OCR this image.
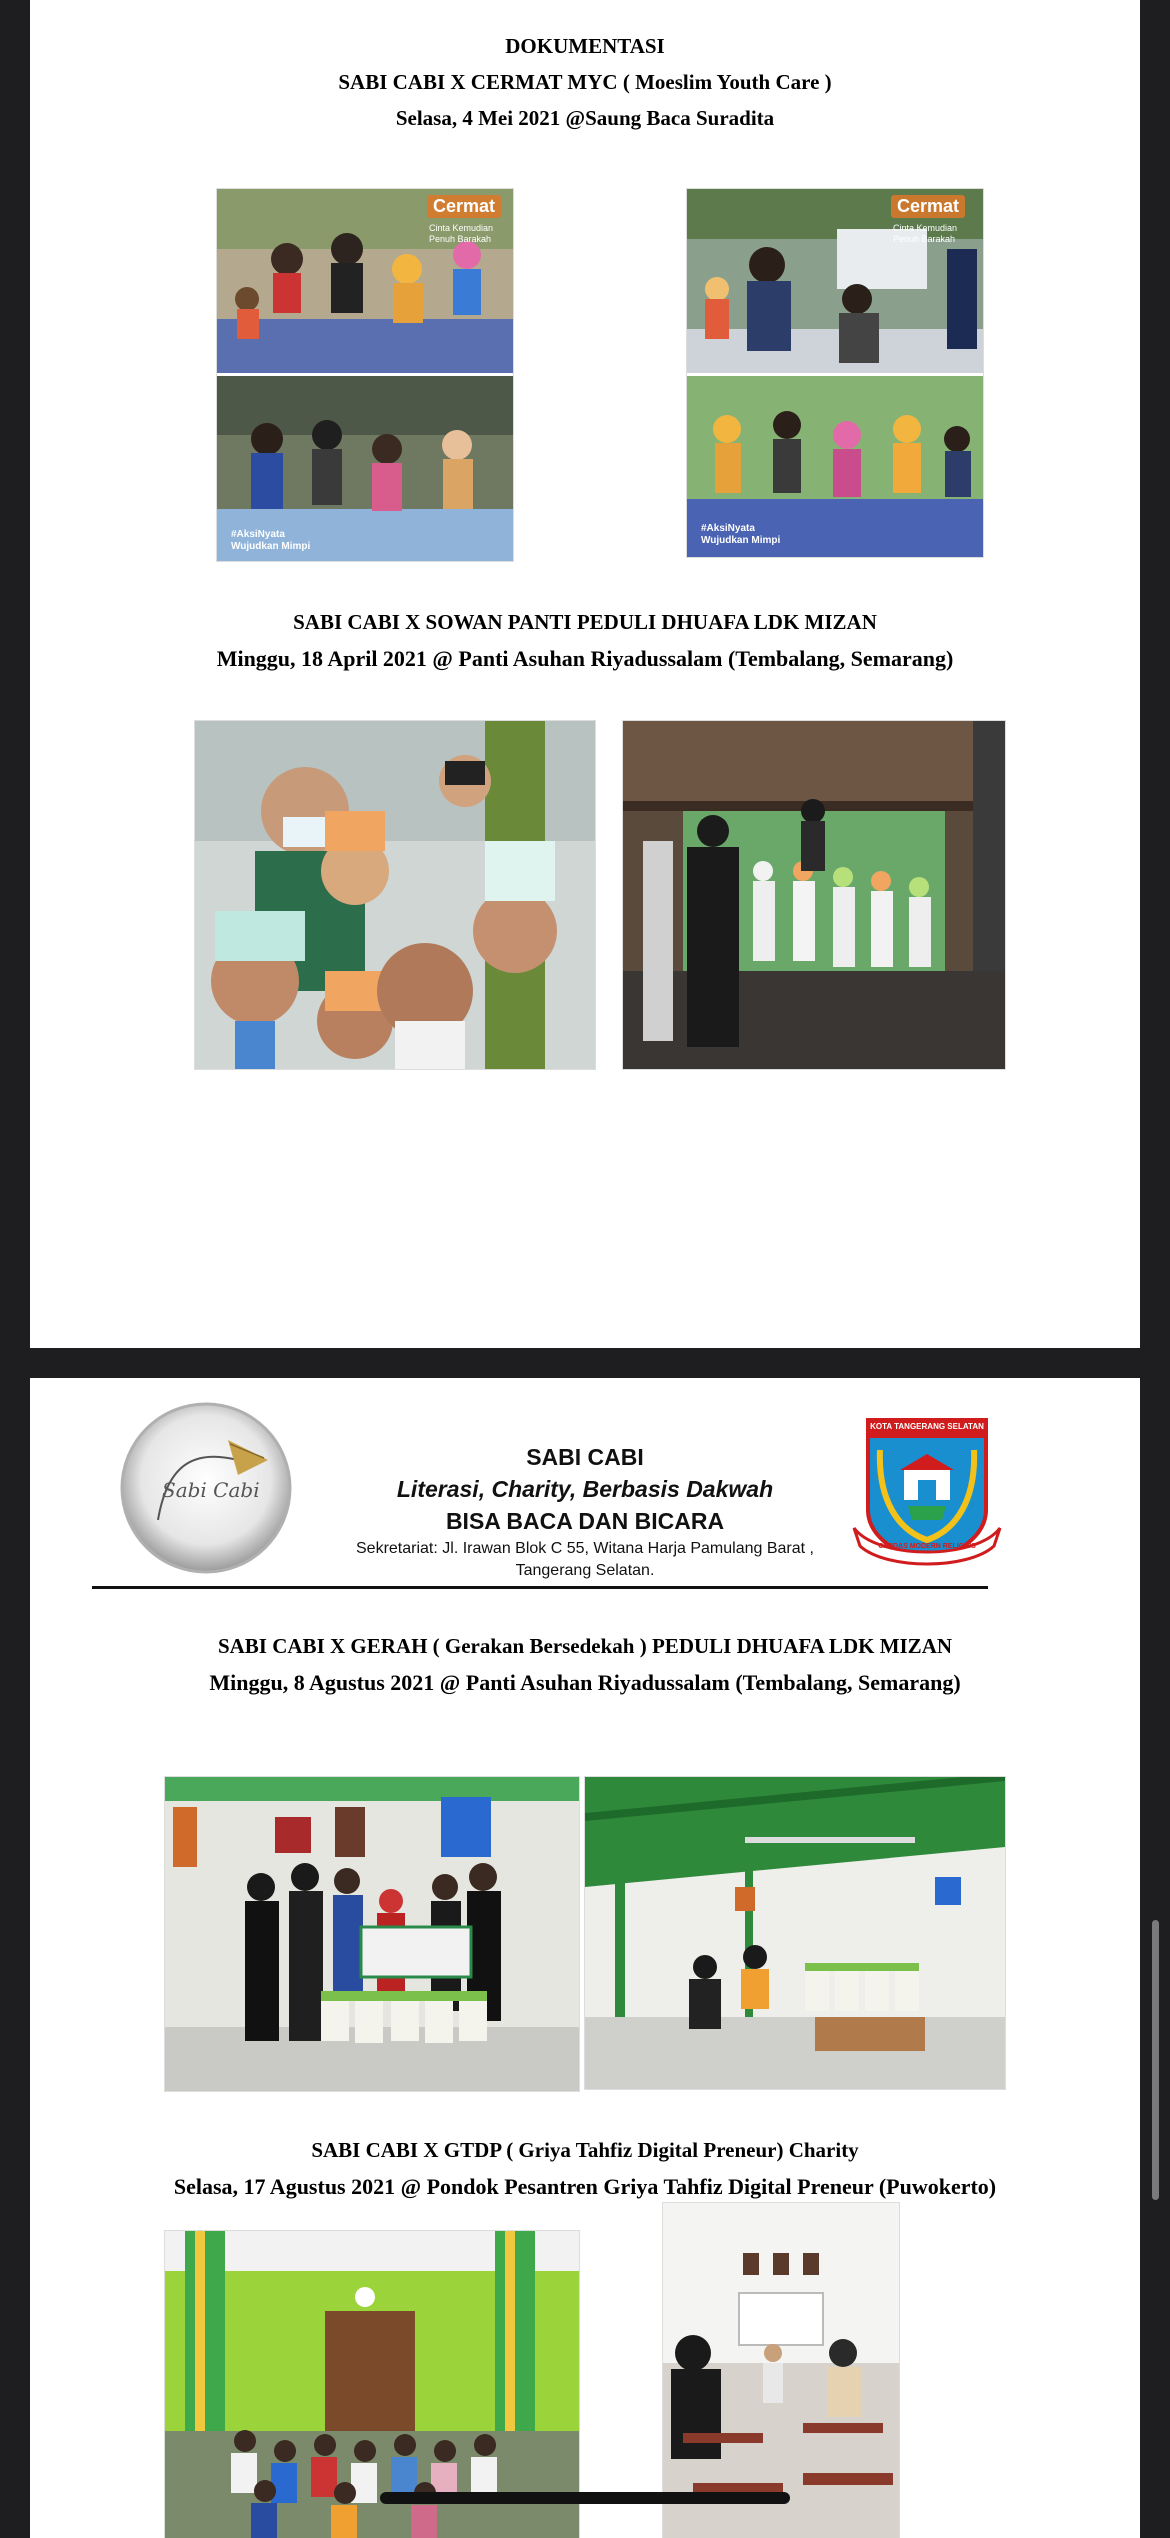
DOKUMENTASI
SABI CABI X CERMAT MYC ( Moeslim Youth Care )
Selasa, 4 Mei 2021 @Saung Baca Suradita
Cermat
Cinta Kemudian Penuh Barakah
#AksiNyata Wujudkan Mimpi
Cermat
Cinta Kemudian Penuh Barakah
#AksiNyata Wujudkan Mimpi
SABI CABI X SOWAN PANTI PEDULI DHUAFA LDK MIZAN
Minggu, 18 April 2021 @ Panti Asuhan Riyadussalam (Tembalang, Semarang)
Sabi Cabi
KOTA TANGERANG SELATAN
CERDAS MODERN RELIGIUS
SABI CABI
Literasi, Charity, Berbasis Dakwah
BISA BACA DAN BICARA
Sekretariat: Jl. Irawan Blok C 55, Witana Harja Pamulang Barat ,
Tangerang Selatan.
SABI CABI X GERAH ( Gerakan Bersedekah ) PEDULI DHUAFA LDK MIZAN
Minggu, 8 Agustus 2021 @ Panti Asuhan Riyadussalam (Tembalang, Semarang)
SABI CABI X GTDP ( Griya Tahfiz Digital Preneur) Charity
Selasa, 17 Agustus 2021 @ Pondok Pesantren Griya Tahfiz Digital Preneur (Puwokerto)
